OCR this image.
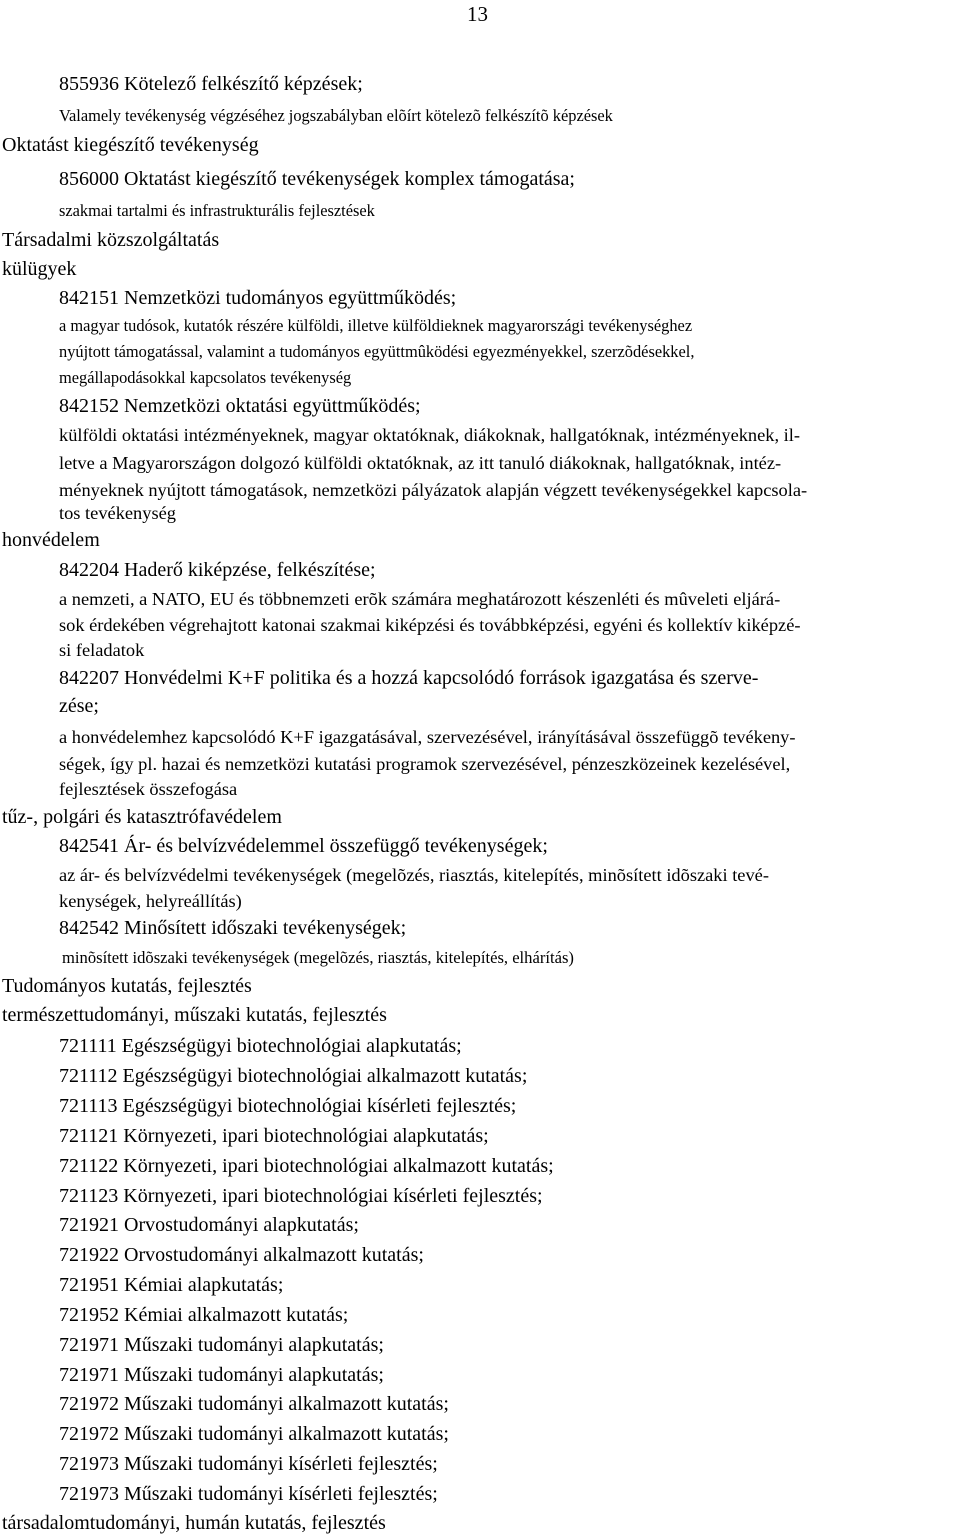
13
855936 Kötelező felkészítő képzések;
Valamely tevékenység végzéséhez jogszabályban elõírt kötelezõ felkészítõ képzések
Oktatást kiegészítő tevékenység
856000 Oktatást kiegészítő tevékenységek komplex támogatása;
szakmai tartalmi és infrastrukturális fejlesztések
Társadalmi közszolgáltatás
külügyek
842151 Nemzetközi tudományos együttműködés;
a magyar tudósok, kutatók részére külföldi, illetve külföldieknek magyarországi tevékenységhez
nyújtott támogatással, valamint a tudományos együttmûködési egyezményekkel, szerzõdésekkel,
megállapodásokkal kapcsolatos tevékenység
842152 Nemzetközi oktatási együttműködés;
külföldi oktatási intézményeknek, magyar oktatóknak, diákoknak, hallgatóknak, intézményeknek, il-
letve a Magyarországon dolgozó külföldi oktatóknak, az itt tanuló diákoknak, hallgatóknak, intéz-
ményeknek nyújtott támogatások, nemzetközi pályázatok alapján végzett tevékenységekkel kapcsola-
tos tevékenység
honvédelem
842204 Haderő kiképzése, felkészítése;
a nemzeti, a NATO, EU és többnemzeti erõk számára meghatározott készenléti és mûveleti eljárá-
sok érdekében végrehajtott katonai szakmai kiképzési és továbbképzési, egyéni és kollektív kiképzé-
si feladatok
842207 Honvédelmi K+F politika és a hozzá kapcsolódó források igazgatása és szerve-
zése;
a honvédelemhez kapcsolódó K+F igazgatásával, szervezésével, irányításával összefüggõ tevékeny-
ségek, így pl. hazai és nemzetközi kutatási programok szervezésével, pénzeszközeinek kezelésével,
fejlesztések összefogása
tűz-, polgári és katasztrófavédelem
842541 Ár- és belvízvédelemmel összefüggő tevékenységek;
az ár- és belvízvédelmi tevékenységek (megelõzés, riasztás, kitelepítés, minõsített idõszaki tevé-
kenységek, helyreállítás)
842542 Minősített időszaki tevékenységek;
minõsített idõszaki tevékenységek (megelõzés, riasztás, kitelepítés, elhárítás)
Tudományos kutatás, fejlesztés
természettudományi, műszaki kutatás, fejlesztés
721111 Egészségügyi biotechnológiai alapkutatás;
721112 Egészségügyi biotechnológiai alkalmazott kutatás;
721113 Egészségügyi biotechnológiai kísérleti fejlesztés;
721121 Környezeti, ipari biotechnológiai alapkutatás;
721122 Környezeti, ipari biotechnológiai alkalmazott kutatás;
721123 Környezeti, ipari biotechnológiai kísérleti fejlesztés;
721921 Orvostudományi alapkutatás;
721922 Orvostudományi alkalmazott kutatás;
721951 Kémiai alapkutatás;
721952 Kémiai alkalmazott kutatás;
721971 Műszaki tudományi alapkutatás;
721971 Műszaki tudományi alapkutatás;
721972 Műszaki tudományi alkalmazott kutatás;
721972 Műszaki tudományi alkalmazott kutatás;
721973 Műszaki tudományi kísérleti fejlesztés;
721973 Műszaki tudományi kísérleti fejlesztés;
társadalomtudományi, humán kutatás, fejlesztés
